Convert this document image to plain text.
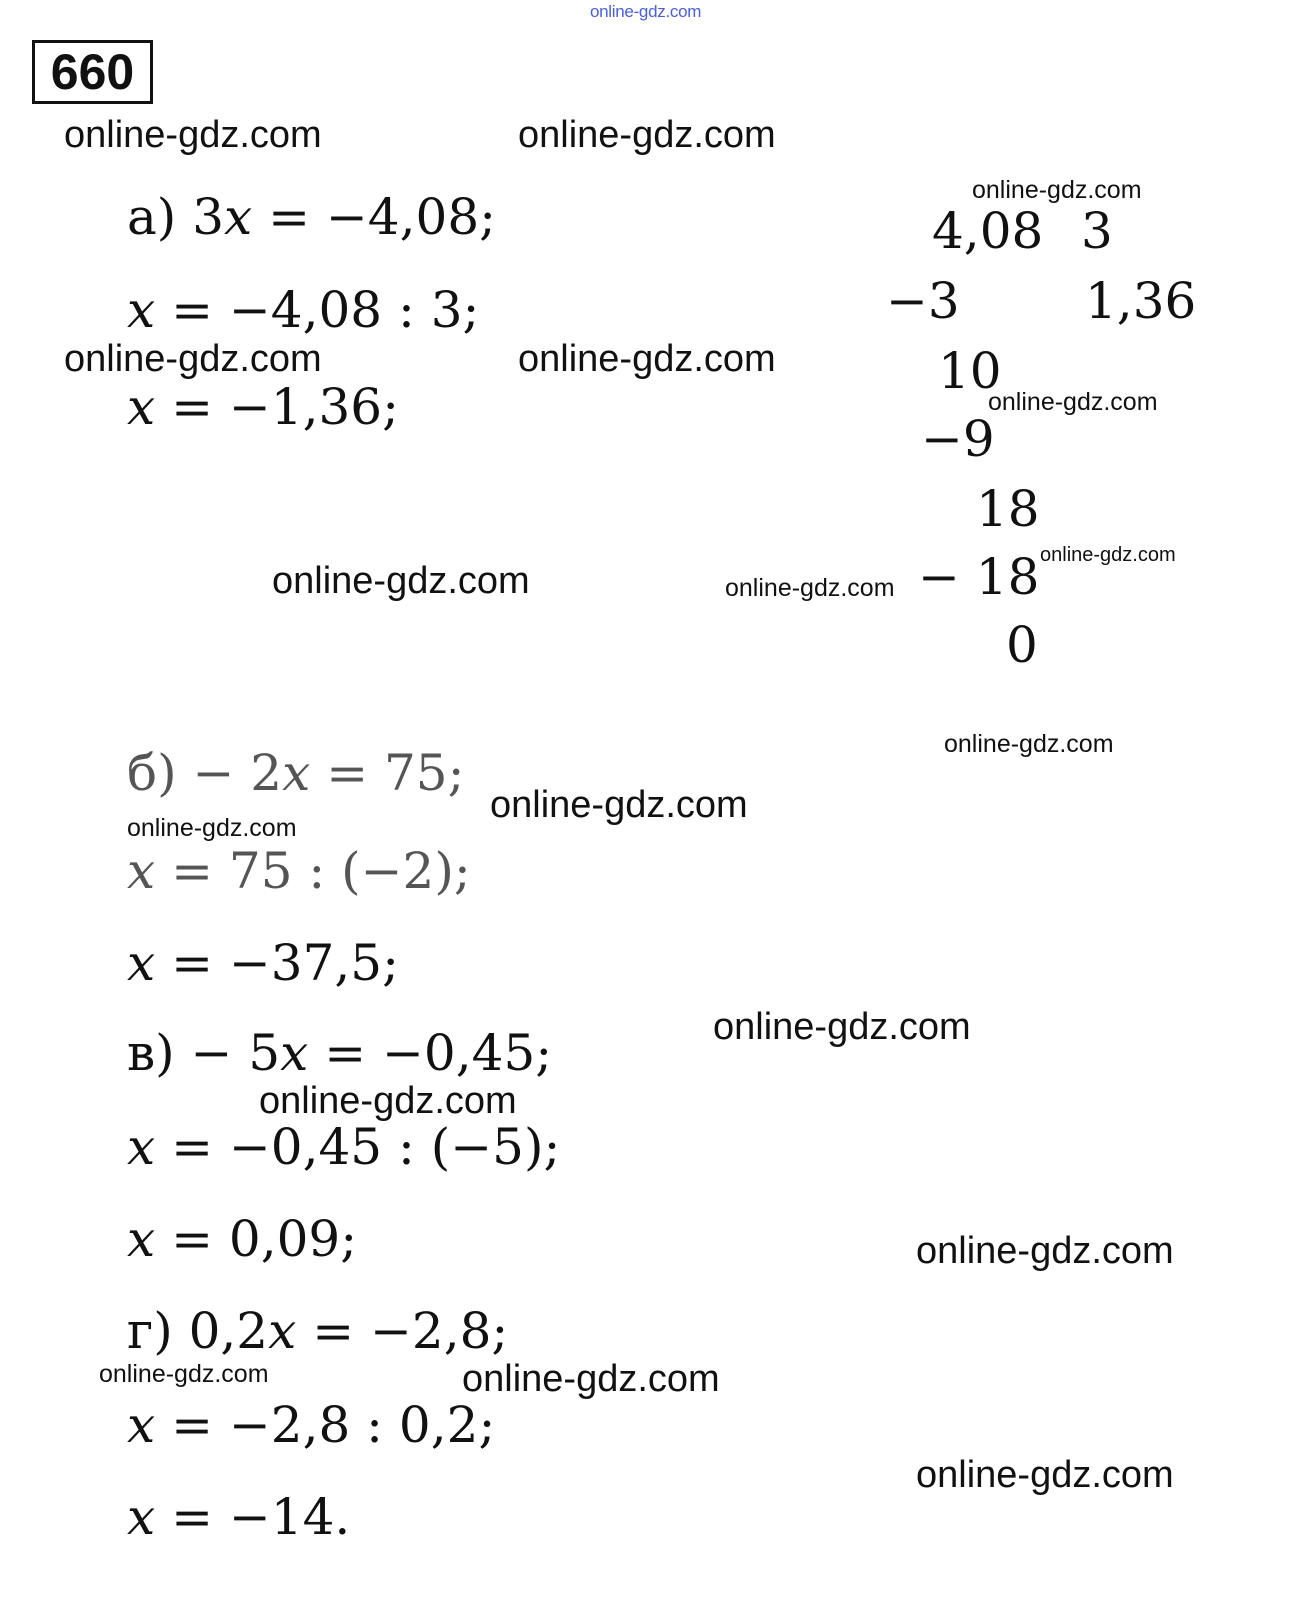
online-gdz.com
660
online-gdz.com	online-gdz.com
online-gdz.com
online-gdz.com	online-gdz.com
online-gdz.com
online-gdz.com
online-gdz.com	online-gdz.com
online-gdz.com
online-gdz.com
online-gdz.com
online-gdz.com
online-gdz.com
online-gdz.com
online-gdz.com	online-gdz.com
online-gdz.com
а) 3𝑥 = −4,08;
𝑥 = −4,08 : 3;
𝑥 = −1,36;
4,08 3
−3	1,36
10
−9
18
− 18
0
б) − 2𝑥 = 75;
𝑥 = 75 : (−2);
𝑥 = −37,5;
в) − 5𝑥 = −0,45;
𝑥 = −0,45 : (−5);
𝑥 = 0,09;
г) 0,2𝑥 = −2,8;
𝑥 = −2,8 : 0,2;
𝑥 = −14.
